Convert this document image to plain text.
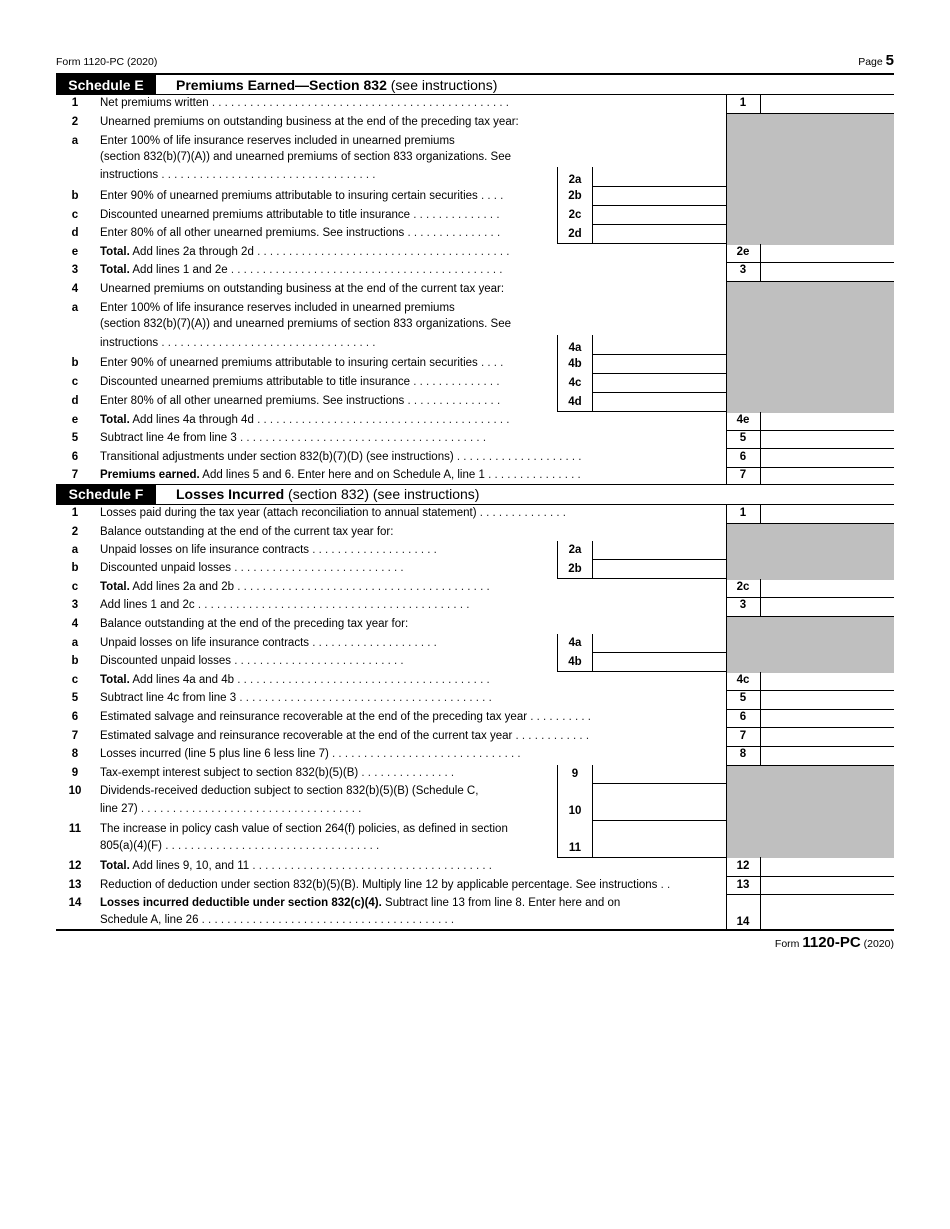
Form 1120-PC (2020)	Page 5
Schedule E	Premiums Earned—Section 832 (see instructions)
1	Net premiums written . . . . . . . . . . . . . . . . . . . . . . . . . . . . . . . . . . . . . . . . . . . . . . .	1
2	Unearned premiums on outstanding business at the end of the preceding tax year:
a	Enter 100% of life insurance reserves included in unearned premiums
(section 832(b)(7)(A)) and unearned premiums of section 833 organizations. See
instructions . . . . . . . . . . . . . . . . . . . . . . . . . . . . . . . . . .	2a
b	Enter 90% of unearned premiums attributable to insuring certain securities . . . .	2b
c	Discounted unearned premiums attributable to title insurance . . . . . . . . . . . . . .	2c
d	Enter 80% of all other unearned premiums. See instructions . . . . . . . . . . . . . . .	2d
e	Total. Add lines 2a through 2d . . . . . . . . . . . . . . . . . . . . . . . . . . . . . . . . . . . . . . . .	2e
3	Total. Add lines 1 and 2e . . . . . . . . . . . . . . . . . . . . . . . . . . . . . . . . . . . . . . . . . . .	3
4	Unearned premiums on outstanding business at the end of the current tax year:
a	Enter 100% of life insurance reserves included in unearned premiums
(section 832(b)(7)(A)) and unearned premiums of section 833 organizations. See
instructions . . . . . . . . . . . . . . . . . . . . . . . . . . . . . . . . . .	4a
b	Enter 90% of unearned premiums attributable to insuring certain securities . . . .	4b
c	Discounted unearned premiums attributable to title insurance . . . . . . . . . . . . . .	4c
d	Enter 80% of all other unearned premiums. See instructions . . . . . . . . . . . . . . .	4d
e	Total. Add lines 4a through 4d . . . . . . . . . . . . . . . . . . . . . . . . . . . . . . . . . . . . . . . .	4e
5	Subtract line 4e from line 3 . . . . . . . . . . . . . . . . . . . . . . . . . . . . . . . . . . . . . . .	5
6	Transitional adjustments under section 832(b)(7)(D) (see instructions) . . . . . . . . . . . . . . . . . . . .	6
7	Premiums earned. Add lines 5 and 6. Enter here and on Schedule A, line 1 . . . . . . . . . . . . . . .	7
Schedule F	Losses Incurred (section 832) (see instructions)
1	Losses paid during the tax year (attach reconciliation to annual statement) . . . . . . . . . . . . . .	1
2	Balance outstanding at the end of the current tax year for:
a	Unpaid losses on life insurance contracts . . . . . . . . . . . . . . . . . . . .	2a
b	Discounted unpaid losses . . . . . . . . . . . . . . . . . . . . . . . . . . .	2b
c	Total. Add lines 2a and 2b . . . . . . . . . . . . . . . . . . . . . . . . . . . . . . . . . . . . . . . .	2c
3	Add lines 1 and 2c . . . . . . . . . . . . . . . . . . . . . . . . . . . . . . . . . . . . . . . . . . .	3
4	Balance outstanding at the end of the preceding tax year for:
a	Unpaid losses on life insurance contracts . . . . . . . . . . . . . . . . . . . .	4a
b	Discounted unpaid losses . . . . . . . . . . . . . . . . . . . . . . . . . . .	4b
c	Total. Add lines 4a and 4b . . . . . . . . . . . . . . . . . . . . . . . . . . . . . . . . . . . . . . . .	4c
5	Subtract line 4c from line 3 . . . . . . . . . . . . . . . . . . . . . . . . . . . . . . . . . . . . . . . .	5
6	Estimated salvage and reinsurance recoverable at the end of the preceding tax year . . . . . . . . . .	6
7	Estimated salvage and reinsurance recoverable at the end of the current tax year . . . . . . . . . . . .	7
8	Losses incurred (line 5 plus line 6 less line 7) . . . . . . . . . . . . . . . . . . . . . . . . . . . . . .	8
9	Tax-exempt interest subject to section 832(b)(5)(B) . . . . . . . . . . . . . . .	9
10	Dividends-received deduction subject to section 832(b)(5)(B) (Schedule C,
line 27) . . . . . . . . . . . . . . . . . . . . . . . . . . . . . . . . . . .	10
11	The increase in policy cash value of section 264(f) policies, as defined in section
805(a)(4)(F) . . . . . . . . . . . . . . . . . . . . . . . . . . . . . . . . . .	11
12	Total. Add lines 9, 10, and 11 . . . . . . . . . . . . . . . . . . . . . . . . . . . . . . . . . . . . . .	12
13	Reduction of deduction under section 832(b)(5)(B). Multiply line 12 by applicable percentage. See instructions . .	13
14	Losses incurred deductible under section 832(c)(4). Subtract line 13 from line 8. Enter here and on
Schedule A, line 26 . . . . . . . . . . . . . . . . . . . . . . . . . . . . . . . . . . . . . . . .	14
Form 1120-PC (2020)
